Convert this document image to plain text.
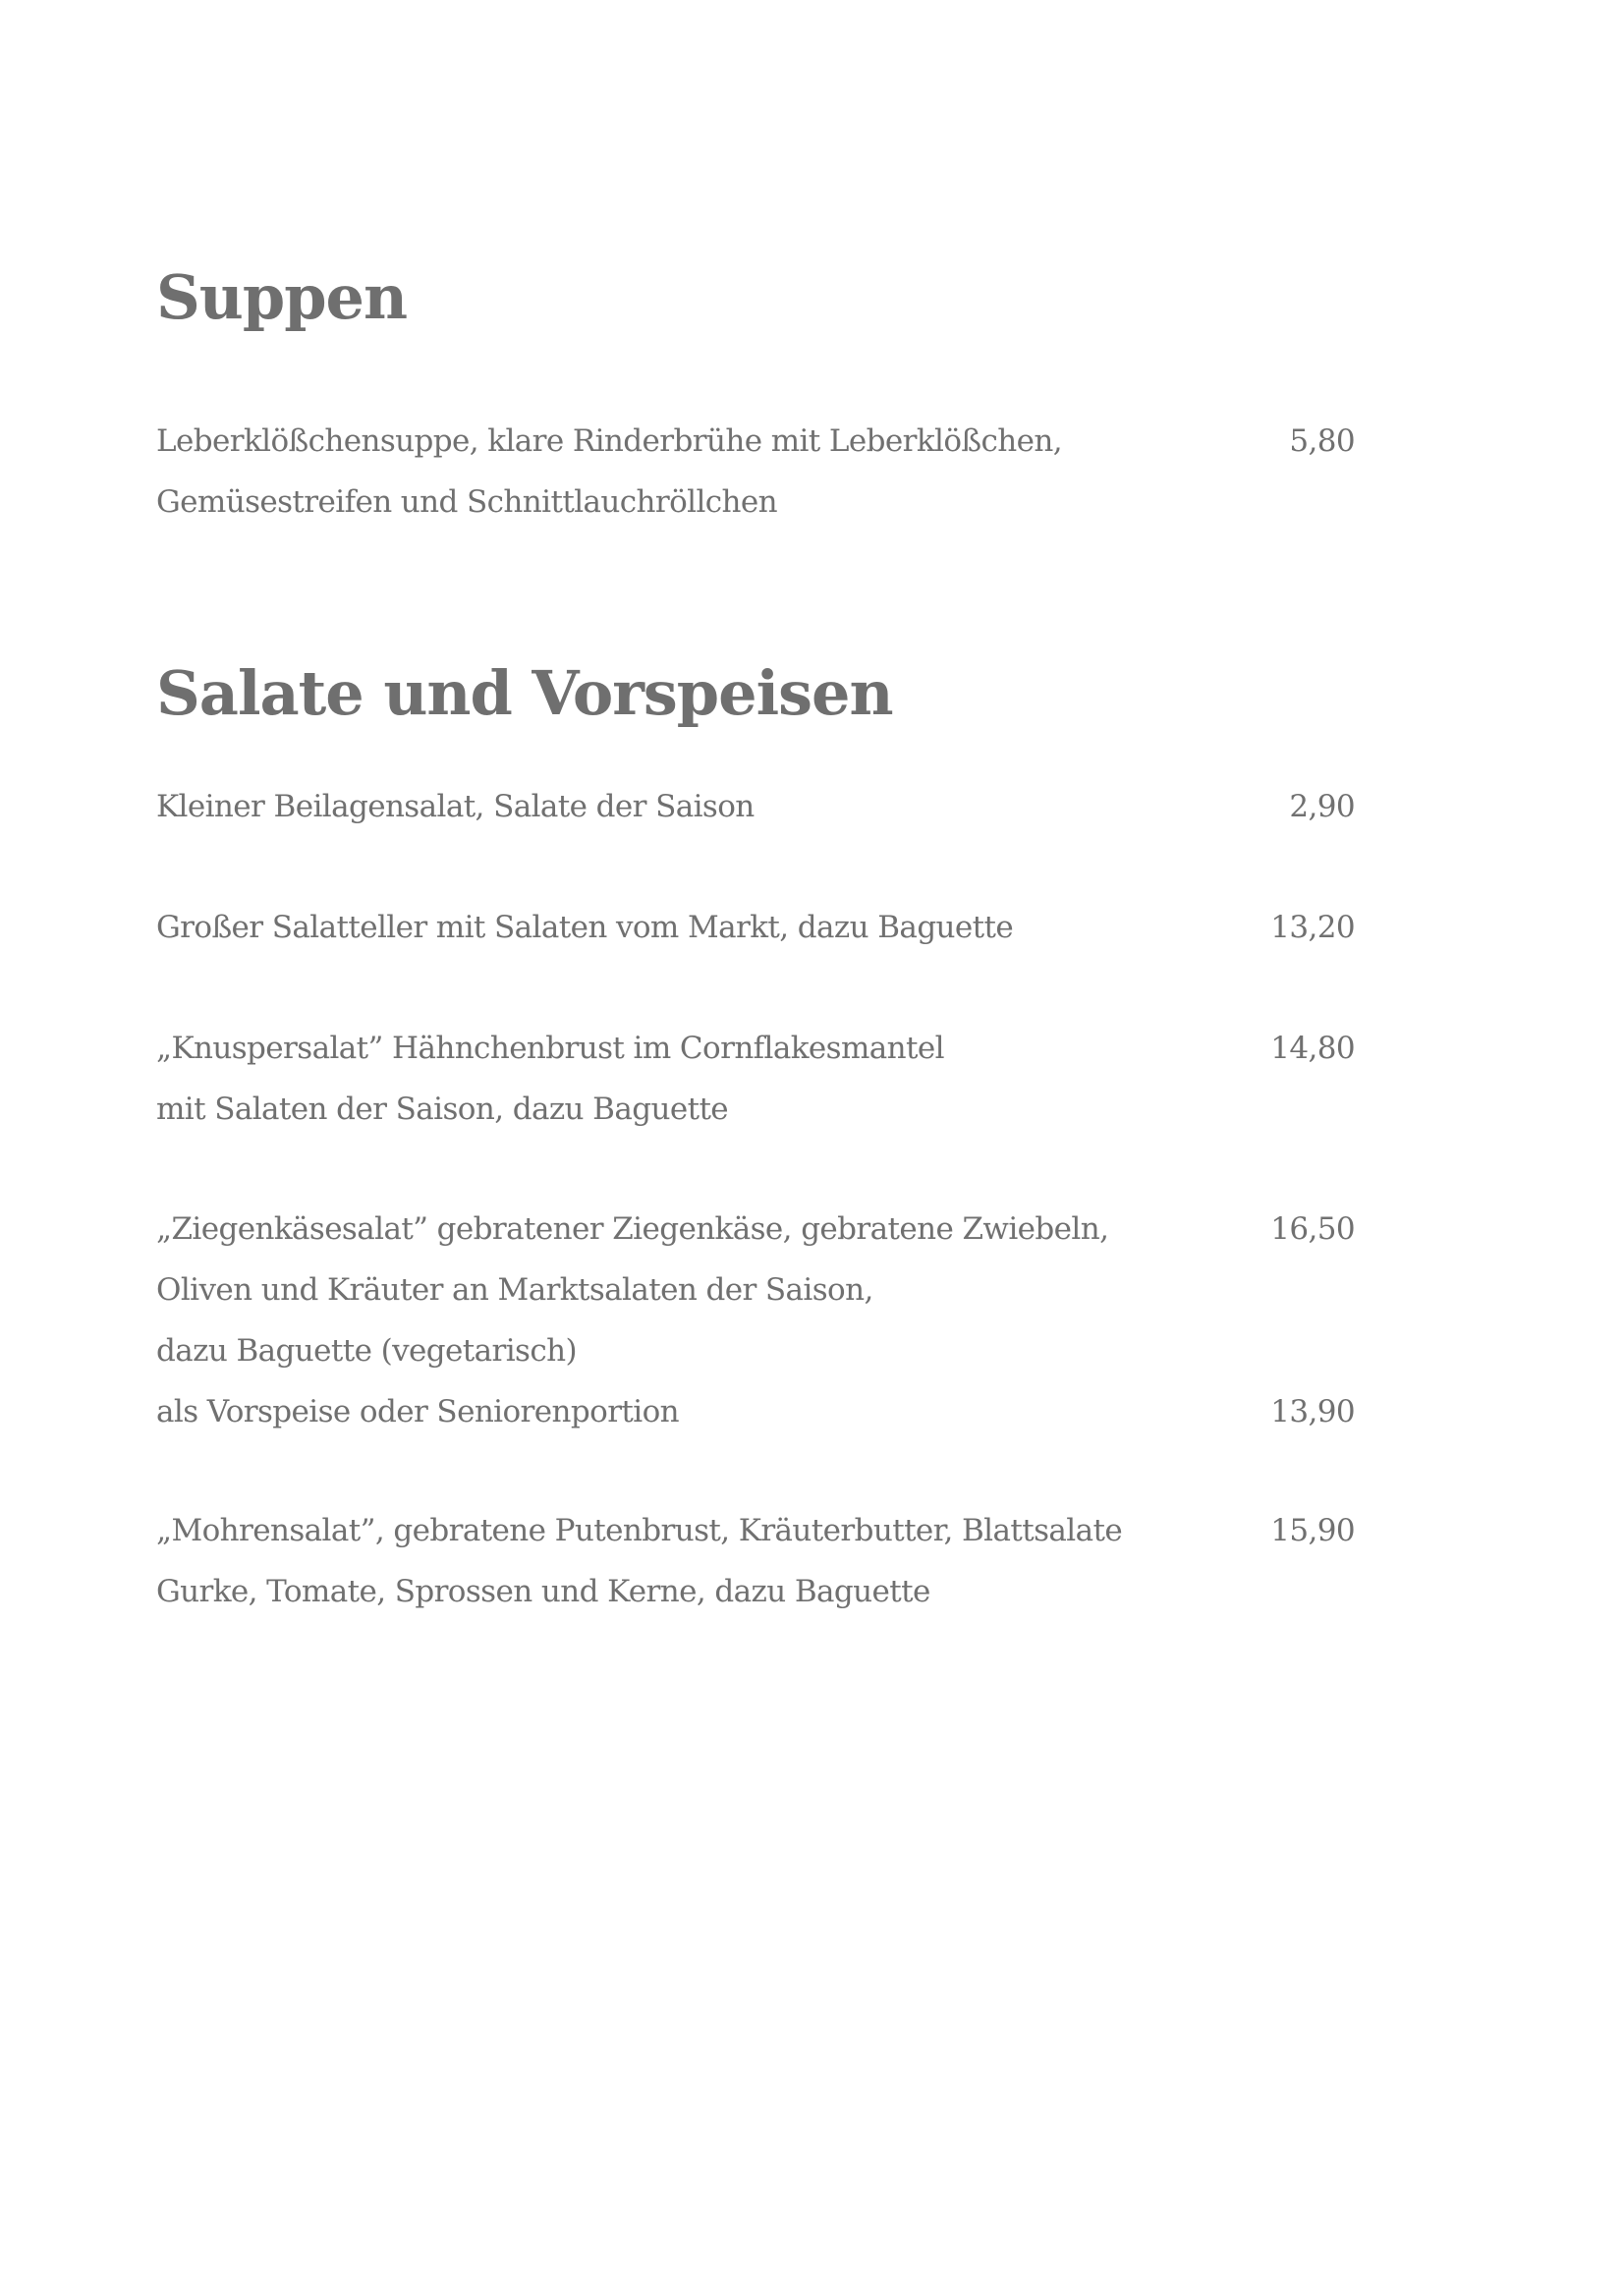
Suppen
Leberklößchensuppe, klare Rinderbrühe mit Leberklößchen,	5,80
Gemüsestreifen und Schnittlauchröllchen
Salate und Vorspeisen
Kleiner Beilagensalat, Salate der Saison	2,90
Großer Salatteller mit Salaten vom Markt, dazu Baguette	13,20
„Knuspersalat” Hähnchenbrust im Cornflakesmantel	14,80
mit Salaten der Saison, dazu Baguette
„Ziegenkäsesalat” gebratener Ziegenkäse, gebratene Zwiebeln,	16,50
Oliven und Kräuter an Marktsalaten der Saison,
dazu Baguette (vegetarisch)
als Vorspeise oder Seniorenportion	13,90
„Mohrensalat”, gebratene Putenbrust, Kräuterbutter, Blattsalate	15,90
Gurke, Tomate, Sprossen und Kerne, dazu Baguette
